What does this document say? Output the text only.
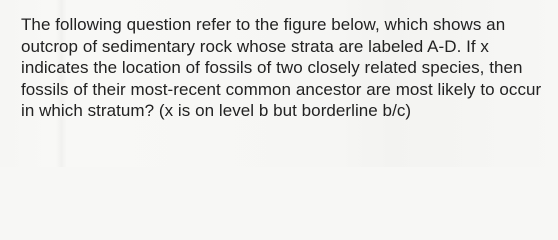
The following question refer to the figure below, which shows an outcrop of sedimentary rock whose strata are labeled A-D. If x indicates the location of fossils of two closely related species, then fossils of their most-recent common ancestor are most likely to occur in which stratum? (x is on level b but borderline b/c)
